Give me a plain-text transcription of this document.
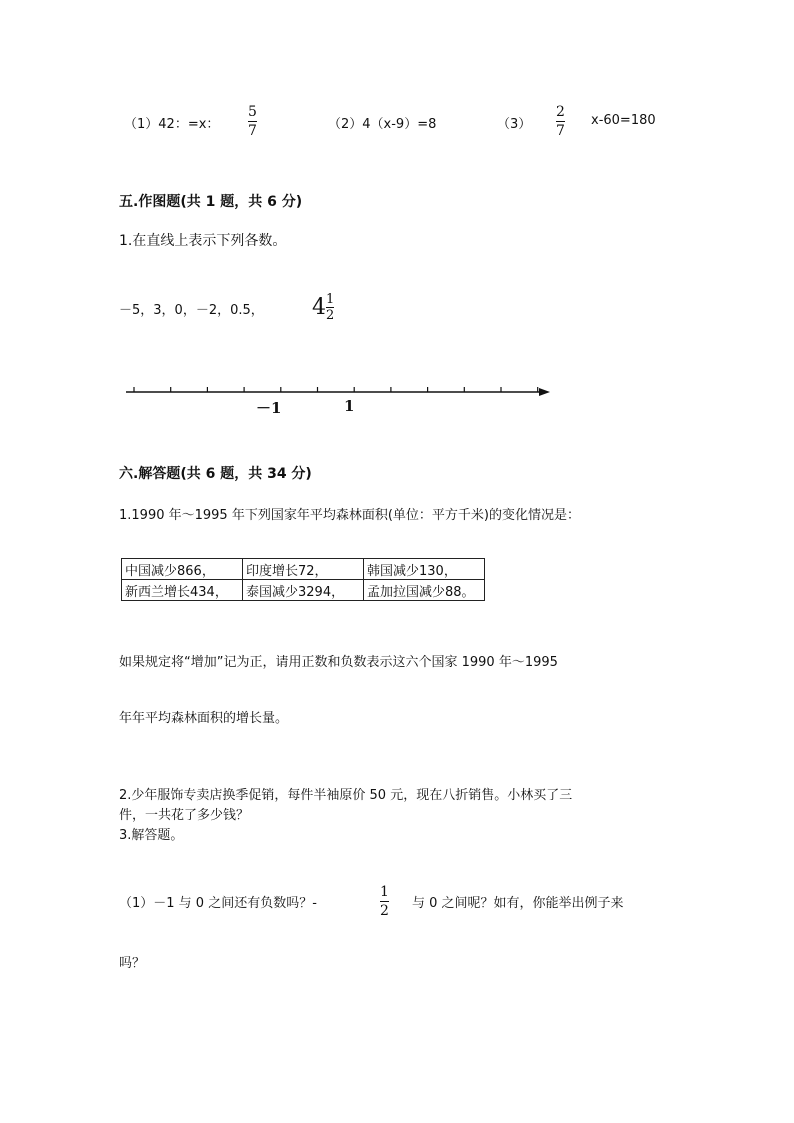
（1）42：=x：
5
7	（2）4（x-9）=8	（3）
2
7
x-60=180
五.作图题(共 1 题，共 6 分)
1.在直线上表示下列各数。
－5，3，0，－2，0.5， $4 \frac{1}{2}$
－1	1
六.解答题(共 6 题，共 34 分)
1.1990 年～1995 年下列国家年平均森林面积(单位：平方千米)的变化情况是：
中国减少866，	印度增长72，	韩国减少130，
新西兰增长434，	泰国减少3294，	孟加拉国减少88。
如果规定将“增加”记为正，请用正数和负数表示这六个国家 1990 年～1995
年年平均森林面积的增长量。
2.少年服饰专卖店换季促销，每件半袖原价 50 元，现在八折销售。小林买了三
件，一共花了多少钱？
3.解答题。
（1）－1 与 0 之间还有负数吗？-
1
2 与 0 之间呢？如有，你能举出例子来
吗？
